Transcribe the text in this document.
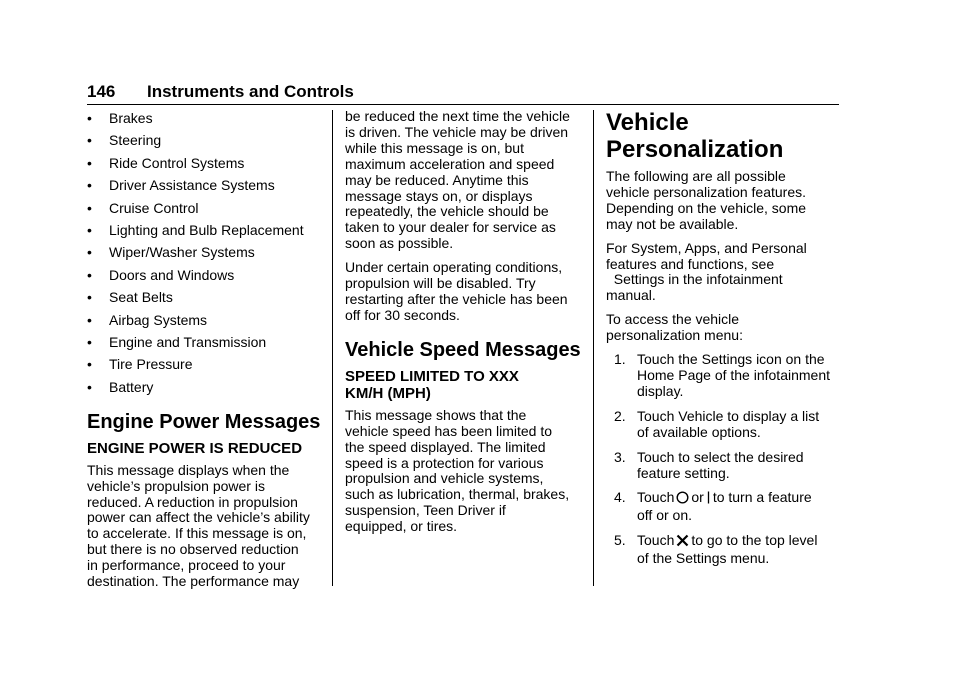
146 Instruments and Controls
• Brakes
• Steering
• Ride Control Systems
• Driver Assistance Systems
• Cruise Control
• Lighting and Bulb Replacement
• Wiper/Washer Systems
• Doors and Windows
• Seat Belts
• Airbag Systems
• Engine and Transmission
• Tire Pressure
• Battery
Engine Power Messages
ENGINE POWER IS REDUCED
This message displays when the
vehicle’s propulsion power is
reduced. A reduction in propulsion
power can affect the vehicle’s ability
to accelerate. If this message is on,
but there is no observed reduction
in performance, proceed to your
destination. The performance may
be reduced the next time the vehicle
is driven. The vehicle may be driven
while this message is on, but
maximum acceleration and speed
may be reduced. Anytime this
message stays on, or displays
repeatedly, the vehicle should be
taken to your dealer for service as
soon as possible.
Under certain operating conditions,
propulsion will be disabled. Try
restarting after the vehicle has been
off for 30 seconds.
Vehicle Speed Messages
SPEED LIMITED TO XXX
KM/H (MPH)
This message shows that the
vehicle speed has been limited to
the speed displayed. The limited
speed is a protection for various
propulsion and vehicle systems,
such as lubrication, thermal, brakes,
suspension, Teen Driver if
equipped, or tires.
Vehicle
Personalization
The following are all possible
vehicle personalization features.
Depending on the vehicle, some
may not be available.
For System, Apps, and Personal
features and functions, see
Settings in the infotainment
manual.
To access the vehicle
personalization menu:
1. Touch the Settings icon on the
Home Page of the infotainment
display.
2. Touch Vehicle to display a list
of available options.
3. Touch to select the desired
feature setting.
4. Touch or to turn a feature
off or on.
5. Touch to go to the top level
of the Settings menu.
